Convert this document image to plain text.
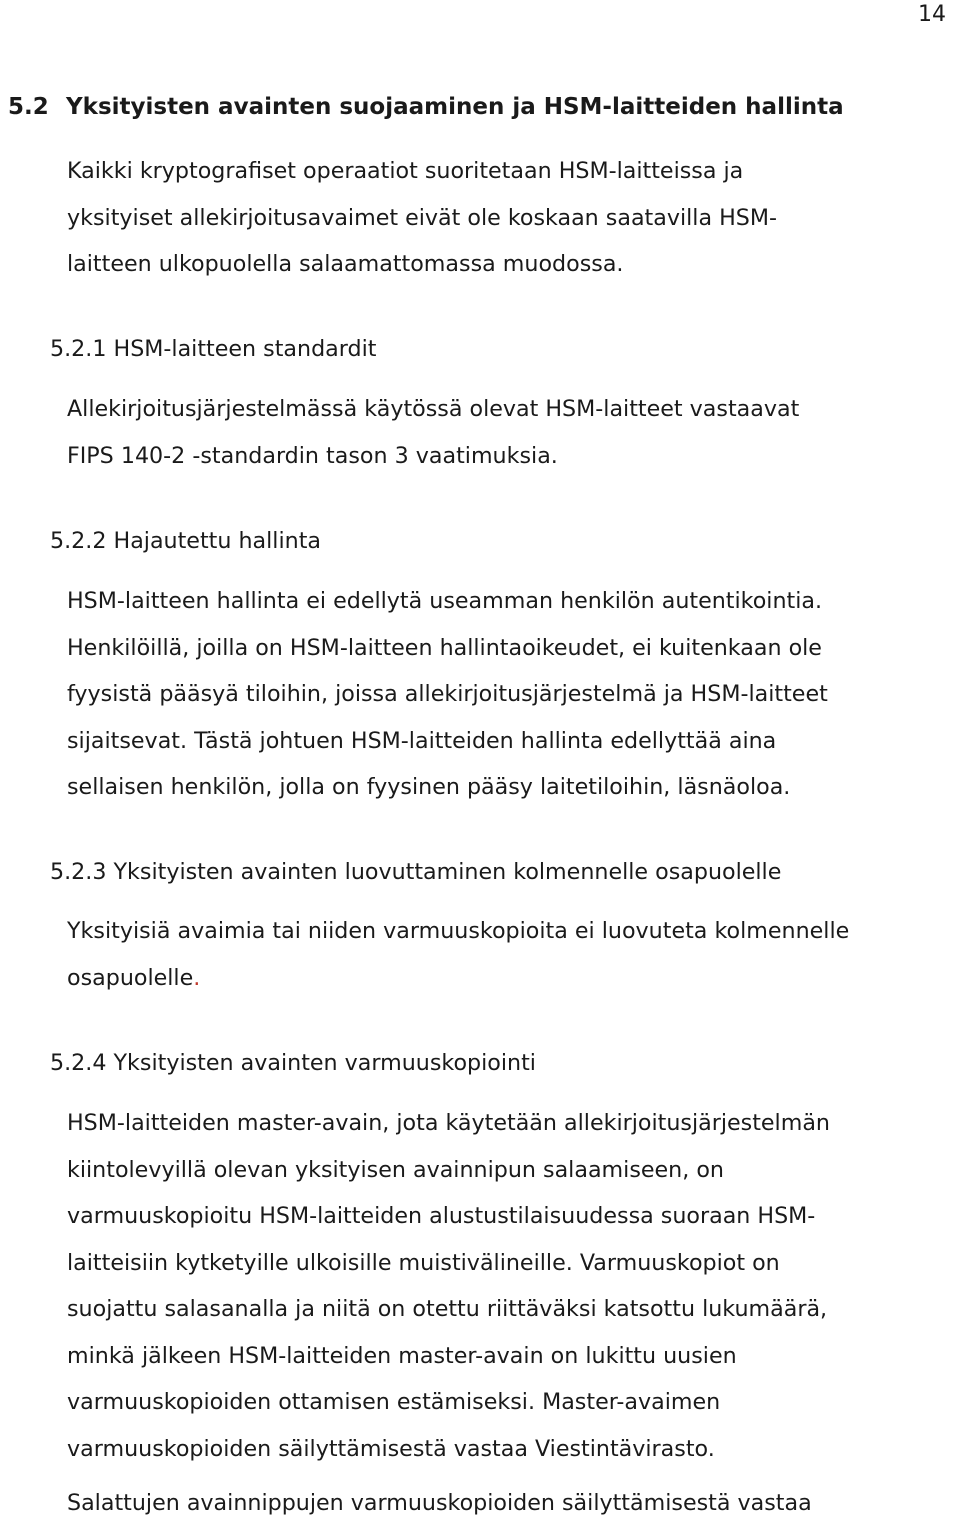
14
5.2 Yksityisten avainten suojaaminen ja HSM-laitteiden hallinta

Kaikki kryptografiset operaatiot suoritetaan HSM-laitteissa ja
yksityiset allekirjoitusavaimet eivät ole koskaan saatavilla HSM-
laitteen ulkopuolella salaamattomassa muodossa.

5.2.1 HSM-laitteen standardit

Allekirjoitusjärjestelmässä käytössä olevat HSM-laitteet vastaavat
FIPS 140-2 -standardin tason 3 vaatimuksia.

5.2.2 Hajautettu hallinta

HSM-laitteen hallinta ei edellytä useamman henkilön autentikointia.
Henkilöillä, joilla on HSM-laitteen hallintaoikeudet, ei kuitenkaan ole
fyysistä pääsyä tiloihin, joissa allekirjoitusjärjestelmä ja HSM-laitteet
sijaitsevat. Tästä johtuen HSM-laitteiden hallinta edellyttää aina
sellaisen henkilön, jolla on fyysinen pääsy laitetiloihin, läsnäoloa.

5.2.3 Yksityisten avainten luovuttaminen kolmennelle osapuolelle

Yksityisiä avaimia tai niiden varmuuskopioita ei luovuteta kolmennelle
osapuolelle.

5.2.4 Yksityisten avainten varmuuskopiointi

HSM-laitteiden master-avain, jota käytetään allekirjoitusjärjestelmän
kiintolevyillä olevan yksityisen avainnipun salaamiseen, on
varmuuskopioitu HSM-laitteiden alustustilaisuudessa suoraan HSM-
laitteisiin kytketyille ulkoisille muistivälineille. Varmuuskopiot on
suojattu salasanalla ja niitä on otettu riittäväksi katsottu lukumäärä,
minkä jälkeen HSM-laitteiden master-avain on lukittu uusien
varmuuskopioiden ottamisen estämiseksi. Master-avaimen
varmuuskopioiden säilyttämisestä vastaa Viestintävirasto.

Salattujen avainnippujen varmuuskopioiden säilyttämisestä vastaa
